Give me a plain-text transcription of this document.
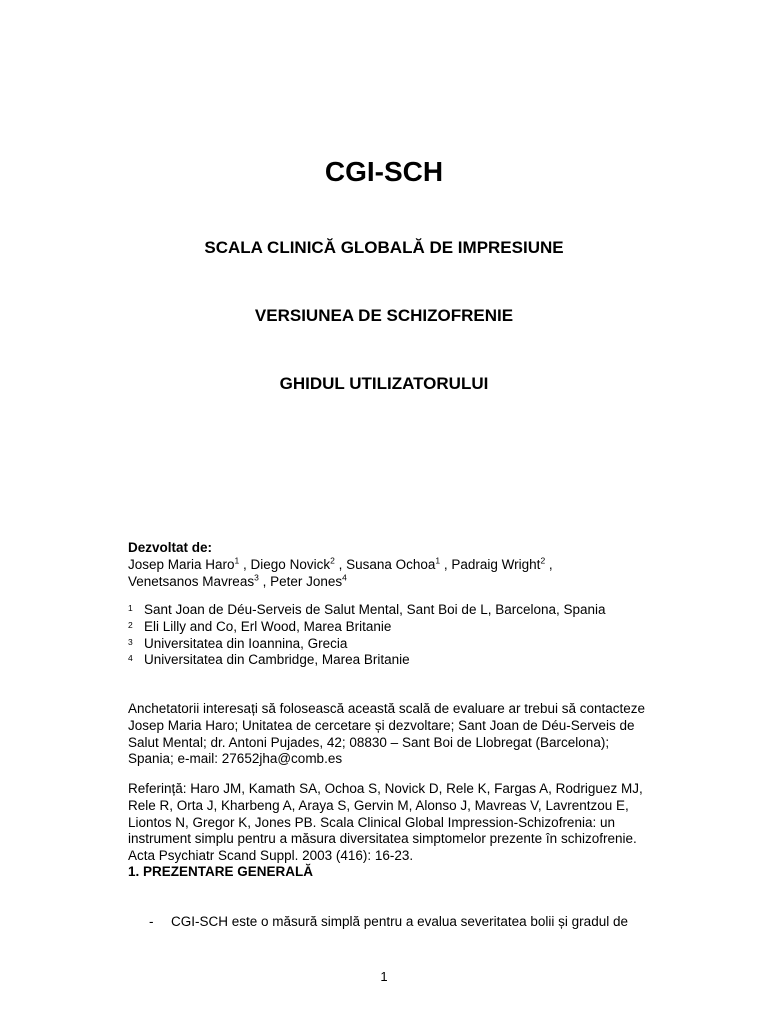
CGI-SCH
SCALA CLINICĂ GLOBALĂ DE IMPRESIUNE
VERSIUNEA DE SCHIZOFRENIE
GHIDUL UTILIZATORULUI
Dezvoltat de:
Josep Maria Haro$^1$ , Diego Novick$^2$ , Susana Ochoa$^1$ , Padraig Wright$^2$ ,
Venetsanos Mavreas$^3$ , Peter Jones$^4$
1 Sant Joan de Déu-Serveis de Salut Mental, Sant Boi de L, Barcelona, Spania
2 Eli Lilly and Co, Erl Wood, Marea Britanie
3 Universitatea din Ioannina, Grecia
4 Universitatea din Cambridge, Marea Britanie

Anchetatorii interesați să folosească această scală de evaluare ar trebui să contacteze Josep Maria Haro; Unitatea de cercetare și dezvoltare; Sant Joan de Déu-Serveis de Salut Mental; dr. Antoni Pujades, 42; 08830 – Sant Boi de Llobregat (Barcelona); Spania; e-mail: 27652jha@comb.es

Referință: Haro JM, Kamath SA, Ochoa S, Novick D, Rele K, Fargas A, Rodriguez MJ, Rele R, Orta J, Kharbeng A, Araya S, Gervin M, Alonso J, Mavreas V, Lavrentzou E, Liontos N, Gregor K, Jones PB. Scala Clinical Global Impression-Schizofrenia: un instrument simplu pentru a măsura diversitatea simptomelor prezente în schizofrenie. Acta Psychiatr Scand Suppl. 2003 (416): 16-23.

1. PREZENTARE GENERALĂ
-	CGI-SCH este o măsură simplă pentru a evalua severitatea bolii și gradul de
1
